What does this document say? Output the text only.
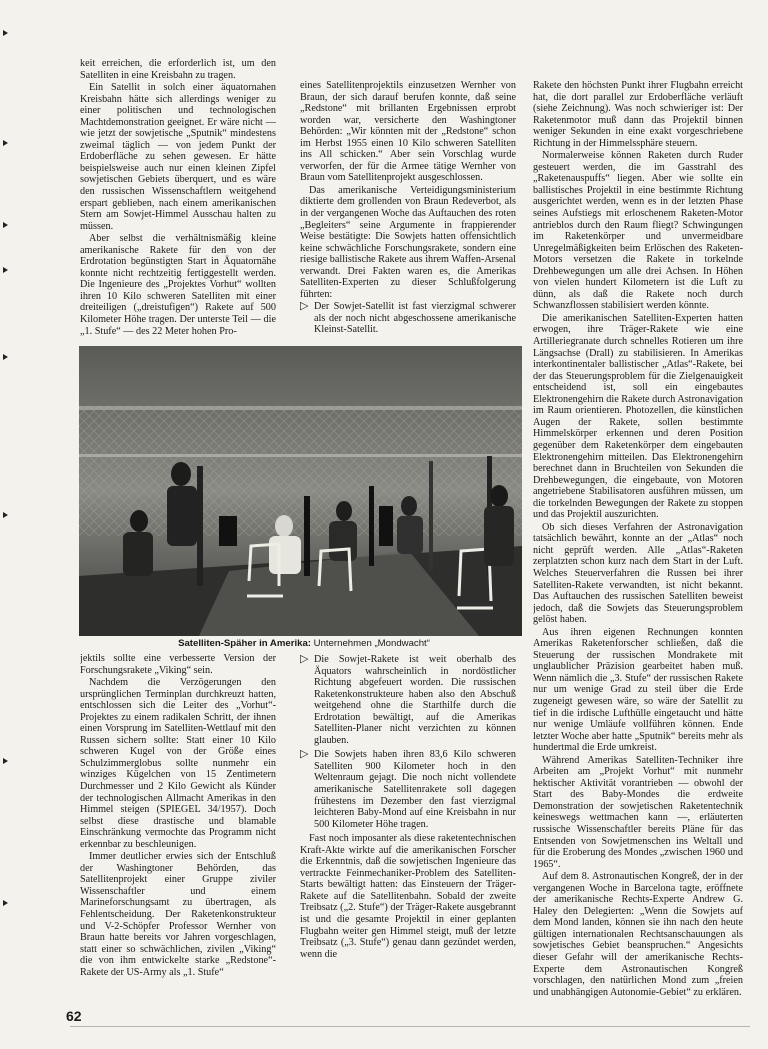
keit erreichen, die erforderlich ist, um den Satelliten in eine Kreisbahn zu tragen.

Ein Satellit in solch einer äquatornahen Kreisbahn hätte sich allerdings weniger zu einer politischen und technologischen Machtdemonstration geeignet. Er wäre nicht — wie jetzt der sowjetische „Sputnik“ mindestens zweimal täglich — von jedem Punkt der Erdoberfläche zu sehen gewesen. Er hätte beispielsweise auch nur einen kleinen Zipfel sowjetischen Gebiets überquert, und es wäre den russischen Wissenschaftlern weitgehend erspart geblieben, nach einem amerikanischen Stern am Sowjet-Himmel Ausschau halten zu müssen.

Aber selbst die verhältnismäßig kleine amerikanische Rakete für den von der Erdrotation begünstigten Start in Äquatornähe konnte nicht rechtzeitig fertiggestellt werden. Die Ingenieure des „Projektes Vorhut“ wollten ihren 10 Kilo schweren Satelliten mit einer dreiteiligen („dreistufigen“) Rakete auf 500 Kilometer Höhe tragen. Der unterste Teil — die „1. Stufe“ — des 22 Meter hohen Pro-

eines Satellitenprojektils einzusetzen Wernher von Braun, der sich darauf berufen konnte, daß seine „Redstone“ mit brillanten Ergebnissen erprobt worden war, versicherte den Washingtoner Behörden: „Wir könnten mit der „Redstone“ schon im Herbst 1955 einen 10 Kilo schweren Satelliten ins All schicken.“ Aber sein Vorschlag wurde verworfen, der für die Armee tätige Wernher von Braun vom Satellitenprojekt ausgeschlossen.

Das amerikanische Verteidigungsministerium diktierte dem grollenden von Braun Redeverbot, als in der vergangenen Woche das Auftauchen des roten „Begleiters“ seine Argumente in frappierender Weise bestätigte: Die Sowjets hatten offensichtlich keine schwächliche Forschungsrakete, sondern eine riesige ballistische Rakete aus ihrem Waffen-Arsenal verwandt. Drei Fakten waren es, die Amerikas Satelliten-Experten zu dieser Schlußfolgerung führten:

▷ Der Sowjet-Satellit ist fast vierzigmal schwerer als der noch nicht abgeschossene amerikanische Kleinst-Satellit.

Rakete den höchsten Punkt ihrer Flugbahn erreicht hat, die dort parallel zur Erdoberfläche verläuft (siehe Zeichnung). Was noch schwieriger ist: Der Raketenmotor muß dann das Projektil binnen weniger Sekunden in eine exakt vorgeschriebene Richtung in der Himmelssphäre steuern.

Normalerweise können Raketen durch Ruder gesteuert werden, die im Gasstrahl des „Raketenauspuffs“ liegen. Aber wie sollte ein ballistisches Projektil in eine bestimmte Richtung ausgerichtet werden, wenn es in der letzten Phase seines Aufstiegs mit erloschenem Raketen-Motor antrieblos durch den Raum fliegt? Schwingungen im Raketenkörper und unvermeidbare Unregelmäßigkeiten beim Erlöschen des Raketen-Motors versetzen die Rakete in torkelnde Drehbewegungen um alle drei Achsen. In Höhen von vielen hundert Kilometern ist die Luft zu dünn, als daß die Rakete noch durch Schwanzflossen stabilisiert werden könnte.

Die amerikanischen Satelliten-Experten hatten erwogen, ihre Träger-Rakete wie eine Artilleriegranate durch schnelles Rotieren um ihre Längsachse (Drall) zu stabilisieren. In Amerikas interkontinentaler ballistischer „Atlas“-Rakete, bei der das Steuerungsproblem für die Zielgenauigkeit entscheidend ist, soll ein eingebautes Elektronengehirn die Rakete durch Astronavigation im Raum orientieren. Photozellen, die künstlichen Augen der Rakete, sollen bestimmte Himmelskörper erkennen und deren Position gegenüber dem Raketenkörper dem eingebauten Elektronengehirn mitteilen. Das Elektronengehirn berechnet dann in Bruchteilen von Sekunden die Drehbewegungen, die eingebaute, von Motoren angetriebene Stabilisatoren ausführen müssen, um die torkelnden Bewegungen der Rakete zu stoppen und das Projektil auszurichten.

Ob sich dieses Verfahren der Astronavigation tatsächlich bewährt, konnte an der „Atlas“ noch nicht geprüft werden. Alle „Atlas“-Raketen zerplatzten schon kurz nach dem Start in der Luft. Welches Steuerverfahren die Russen bei ihrer Satelliten-Rakete verwandten, ist nicht bekannt. Das Auftauchen des russischen Satelliten beweist jedoch, daß die Sowjets das Steuerungsproblem gelöst haben.

Aus ihren eigenen Rechnungen konnten Amerikas Raketenforscher schließen, daß die Steuerung der russischen Mondrakete mit unglaublicher Präzision gearbeitet haben muß. Wenn nämlich die „3. Stufe“ der russischen Rakete nur um wenige Grad zu steil über die Erde zugeneigt gewesen wäre, so wäre der Satellit zu tief in die irdische Lufthülle eingetaucht und hätte nur wenige Umläufe vollführen können. Ende letzter Woche aber hatte „Sputnik“ bereits mehr als hundertmal die Erde umkreist.

Während Amerikas Satelliten-Techniker ihre Arbeiten am „Projekt Vorhut“ mit nunmehr hektischer Aktivität vorantrieben — obwohl der Start des Baby-Mondes die erdweite Demonstration der sowjetischen Raketentechnik keineswegs wettmachen kann —, erläuterten russische Wissenschaftler bereits Pläne für das Entsenden von Sowjetmenschen ins Weltall und für die Eroberung des Mondes „zwischen 1960 und 1965“.

Auf dem 8. Astronautischen Kongreß, der in der vergangenen Woche in Barcelona tagte, eröffnete der amerikanische Rechts-Experte Andrew G. Haley den Delegierten: „Wenn die Sowjets auf dem Mond landen, können sie ihn nach den heute gültigen internationalen Rechtsanschauungen als sowjetisches Gebiet beanspruchen.“ Angesichts dieser Gefahr will der amerikanische Rechts-Experte dem Astronautischen Kongreß vorschlagen, den natürlichen Mond zum „freien und unabhängigen Autonomie-Gebiet“ zu erklären.

Satelliten-Späher in Amerika: Unternehmen „Mondwacht“

jektils sollte eine verbesserte Version der Forschungsrakete „Viking“ sein.

Nachdem die Verzögerungen den ursprünglichen Terminplan durchkreuzt hatten, entschlossen sich die Leiter des „Vorhut“-Projektes zu einem radikalen Schritt, der ihnen einen Vorsprung im Satelliten-Wettlauf mit den Russen sichern sollte: Statt einer 10 Kilo schweren Kugel von der Größe eines Schulzimmerglobus sollte nunmehr ein winziges Kügelchen von 15 Zentimetern Durchmesser und 2 Kilo Gewicht als Künder der technologischen Allmacht Amerikas in den Himmel steigen (SPIEGEL 34/1957). Doch selbst diese drastische und blamable Einschränkung vermochte das Programm nicht erkennbar zu beschleunigen.

Immer deutlicher erwies sich der Entschluß der Washingtoner Behörden, das Satellitenprojekt einer Gruppe ziviler Wissenschaftler und einem Marineforschungsamt zu übertragen, als Fehlentscheidung. Der Raketenkonstrukteur und V-2-Schöpfer Professor Wernher von Braun hatte bereits vor Jahren vorgeschlagen, statt einer so schwächlichen, zivilen „Viking“ die von ihm entwickelte starke „Redstone“-Rakete der US-Army als „1. Stufe“

▷ Die Sowjet-Rakete ist weit oberhalb des Äquators wahrscheinlich in nordöstlicher Richtung abgefeuert worden. Die russischen Raketenkonstrukteure haben also den Abschuß weitgehend ohne die Starthilfe durch die Erdrotation bewältigt, auf die Amerikas Satelliten-Planer nicht verzichten zu können glauben.
▷ Die Sowjets haben ihren 83,6 Kilo schweren Satelliten 900 Kilometer hoch in den Weltenraum gejagt. Die noch nicht vollendete amerikanische Satellitenrakete soll dagegen frühestens im Dezember den fast vierzigmal leichteren Baby-Mond auf eine Kreisbahn in nur 500 Kilometer Höhe tragen.

Fast noch imposanter als diese raketentechnischen Kraft-Akte wirkte auf die amerikanischen Forscher die Erkenntnis, daß die sowjetischen Ingenieure das vertrackte Feinmechaniker-Problem des Satelliten-Starts bewältigt hatten: das Einsteuern der Träger-Rakete auf die Satellitenbahn. Sobald der zweite Treibsatz („2. Stufe“) der Träger-Rakete ausgebrannt ist und die gesamte Projektil in einer geplanten Flugbahn weiter gen Himmel steigt, muß der letzte Treibsatz („3. Stufe“) genau dann gezündet werden, wenn die

62
